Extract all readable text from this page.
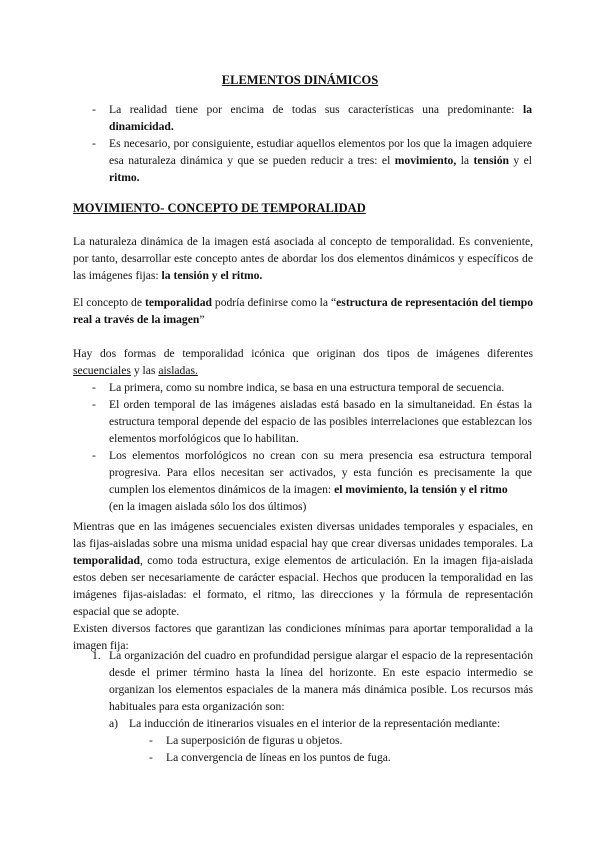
ELEMENTOS DINÁMICOS
- La realidad tiene por encima de todas sus características una predominante: la dinamicidad.
- Es necesario, por consiguiente, estudiar aquellos elementos por los que la imagen adquiere esa naturaleza dinámica y que se pueden reducir a tres: el movimiento, la tensión y el ritmo.
MOVIMIENTO- CONCEPTO DE TEMPORALIDAD

La naturaleza dinámica de la imagen está asociada al concepto de temporalidad. Es conveniente, por tanto, desarrollar este concepto antes de abordar los dos elementos dinámicos y específicos de las imágenes fijas: la tensión y el ritmo.

El concepto de temporalidad podría definirse como la “estructura de representación del tiempo real a través de la imagen”

Hay dos formas de temporalidad icónica que originan dos tipos de imágenes diferentes secuenciales y las aisladas.

- La primera, como su nombre indica, se basa en una estructura temporal de secuencia.
- El orden temporal de las imágenes aisladas está basado en la simultaneidad. En éstas la estructura temporal depende del espacio de las posibles interrelaciones que establezcan los elementos morfológicos que lo habilitan.
- Los elementos morfológicos no crean con su mera presencia esa estructura temporal progresiva. Para ellos necesitan ser activados, y esta función es precisamente la que cumplen los elementos dinámicos de la imagen: el movimiento, la tensión y el ritmo
(en la imagen aislada sólo los dos últimos)

Mientras que en las imágenes secuenciales existen diversas unidades temporales y espaciales, en las fijas-aisladas sobre una misma unidad espacial hay que crear diversas unidades temporales. La temporalidad, como toda estructura, exige elementos de articulación. En la imagen fija-aislada estos deben ser necesariamente de carácter espacial. Hechos que producen la temporalidad en las imágenes fijas-aisladas: el formato, el ritmo, las direcciones y la fórmula de representación espacial que se adopte.

Existen diversos factores que garantizan las condiciones mínimas para aportar temporalidad a la imagen fija:

1. La organización del cuadro en profundidad persigue alargar el espacio de la representación desde el primer término hasta la línea del horizonte. En este espacio intermedio se organizan los elementos espaciales de la manera más dinámica posible. Los recursos más habituales para esta organización son:
a) La inducción de itinerarios visuales en el interior de la representación mediante:
- La superposición de figuras u objetos.
- La convergencia de líneas en los puntos de fuga.
